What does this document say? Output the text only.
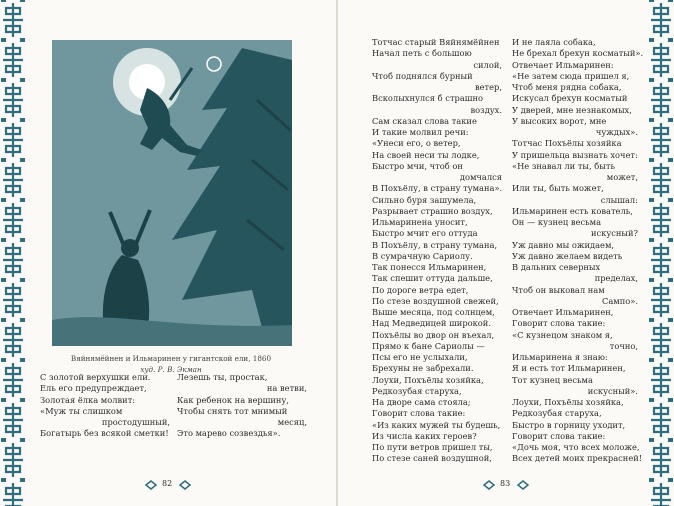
Вяйнямёйнен и Ильмаринен у гигантской ели, 1860
худ. Р. В. Экман
С золотой верхушки ели.
Ель его предупреждает,
Золотая ёлка молвит:
«Муж ты слишком
простодушный,
Богатырь без всякой сметки!
Лезешь ты, простак,
на ветви,
Как ребенок на вершину,
Чтобы снять тот мнимый
месяц,
Это марево созвездья».
Тотчас старый Вяйнямёйнен
Начал петь с большою
силой,
Чтоб поднялся бурный
ветер,
Всколыхнулся б страшно
воздух.
Сам сказал слова такие
И такие молвил речи:
«Унеси его, о ветер,
На своей неси ты лодке,
Быстро мчи, чтоб он
домчался
В Похъёлу, в страну тумана».
Сильно буря зашумела,
Разрывает страшно воздух,
Ильмаринена уносит,
Быстро мчит его оттуда
В Похъёлу, в страну тумана,
В сумрачную Сариолу.
Так понесся Ильмаринен,
Так спешит оттуда дальше,
По дороге ветра едет,
По стезе воздушной свежей,
Выше месяца, под солнцем,
Над Медведицей широкой.
Похъёлы во двор он въехал,
Прямо к бане Сариолы —
Псы его не услыхали,
Брехуны не забрехали.
Лоухи, Похъёлы хозяйка,
Редкозубая старуха,
На дворе сама стояла;
Говорит слова такие:
«Из каких мужей ты будешь,
Из числа каких героев?
По пути ветров пришел ты,
По стезе саней воздушной,
И не лаяла собака,
Не брехал брехун косматый».
Отвечает Ильмаринен:
«Не затем сюда пришел я,
Чтоб меня рядна собака,
Искусал брехун косматый
У дверей, мне незнакомых,
У высоких ворот, мне
чуждых».
Тотчас Похъёлы хозяйка
У пришельца вызнать хочет:
«Не знавал ли ты, быть
может,
Или ты, быть может,
слышал:
Ильмаринен есть кователь,
Он — кузнец весьма
искусный?
Уж давно мы ожидаем,
Уж давно желаем видеть
В дальних северных
пределах,
Чтоб он выковал нам
Сампо».
Отвечает Ильмаринен,
Говорит слова такие:
«С кузнецом знаком я,
точно,
Ильмаринена я знаю:
Я и есть тот Ильмаринен,
Тот кузнец весьма
искусный».
Лоухи, Похъёлы хозяйка,
Редкозубая старуха,
Быстро в горницу уходит,
Говорит слова такие:
«Дочь моя, что всех моложе,
Всех детей моих прекрасней!
82	83
